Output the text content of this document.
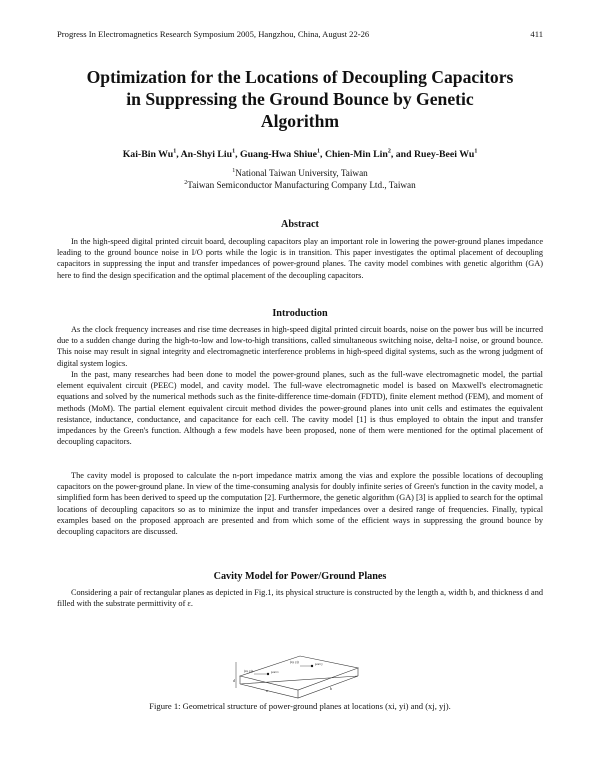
Progress In Electromagnetics Research Symposium 2005, Hangzhou, China, August 22-26	411
Optimization for the Locations of Decoupling Capacitors
in Suppressing the Ground Bounce by Genetic
Algorithm
Kai-Bin Wu$^1$, An-Shyi Liu$^1$, Guang-Hwa Shiue$^1$, Chien-Min Lin$^2$, and Ruey-Beei Wu$^1$
$^1$National Taiwan University, Taiwan
$^2$Taiwan Semiconductor Manufacturing Company Ltd., Taiwan
Abstract

In the high-speed digital printed circuit board, decoupling capacitors play an important role in lowering the power-ground planes impedance leading to the ground bounce noise in I/O ports while the logic is in transition. This paper investigates the optimal placement of decoupling capacitors in suppressing the input and transfer impedances of power-ground planes. The cavity model combines with genetic algorithm (GA) here to find the design specification and the optimal placement of the decoupling capacitors.

Introduction

As the clock frequency increases and rise time decreases in high-speed digital printed circuit boards, noise on the power bus will be incurred due to a sudden change during the high-to-low and low-to-high transitions, called simultaneous switching noise, delta-I noise, or ground bounce. This noise may result in signal integrity and electromagnetic interference problems in high-speed digital systems, such as the wrong judgment of digital system logics.

In the past, many researches had been done to model the power-ground planes, such as the full-wave electromagnetic model, the partial element equivalent circuit (PEEC) model, and cavity model. The full-wave electromagnetic model is based on Maxwell's electromagnetic equations and solved by the numerical methods such as the finite-difference time-domain (FDTD), finite element method (FEM), and moment of methods (MoM). The partial element equivalent circuit method divides the power-ground planes into unit cells and estimates the equivalent resistance, inductance, conductance, and capacitance for each cell. The cavity model [1] is thus employed to obtain the input and transfer impedances by the Green's function. Although a few models have been proposed, none of them were mentioned for the optimal placement of decoupling capacitors.

The cavity model is proposed to calculate the n-port impedance matrix among the vias and explore the possible locations of decoupling capacitors on the power-ground plane. In view of the time-consuming analysis for doubly infinite series of Green's function in the cavity model, a simplified form has been derived to speed up the computation [2]. Furthermore, the genetic algorithm (GA) [3] is applied to search for the optimal locations of decoupling capacitors so as to minimize the input and transfer impedances over a desired range of frequencies. Finally, typical examples based on the proposed approach are presented and from which some of the efficient ways in suppressing the ground bounce by decoupling capacitors are discussed.

Cavity Model for Power/Ground Planes

Considering a pair of rectangular planes as depicted in Fig.1, its physical structure is constructed by the length a, width b, and thickness d and filled with the substrate permittivity of ε.

port i
port j
(xi, yi)
(xj, yj)
a	b
d
Figure 1: Geometrical structure of power-ground planes at locations (xi, yi) and (xj, yj).
